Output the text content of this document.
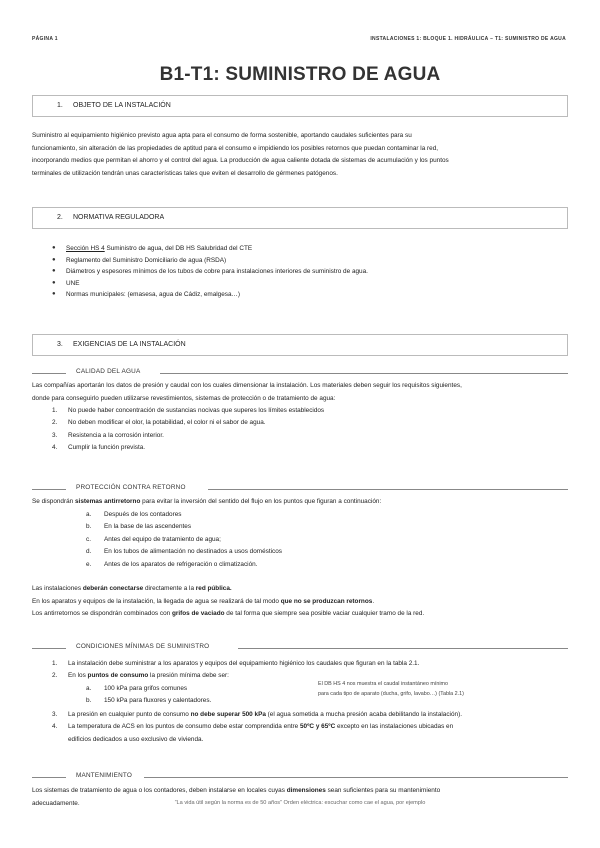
PÁGINA 1	INSTALACIONES 1: BLOQUE 1. HIDRÁULICA – T1: SUMINISTRO DE AGUA
B1-T1: SUMINISTRO DE AGUA
1. OBJETO DE LA INSTALACIÓN
Suministro al equipamiento higiénico previsto agua apta para el consumo de forma sostenible, aportando caudales suficientes para su
funcionamiento, sin alteración de las propiedades de aptitud para el consumo e impidiendo los posibles retornos que puedan contaminar la red,
incorporando medios que permitan el ahorro y el control del agua. La producción de agua caliente dotada de sistemas de acumulación y los puntos
terminales de utilización tendrán unas características tales que eviten el desarrollo de gérmenes patógenos.
2. NORMATIVA REGULADORA
● Sección HS 4 Suministro de agua, del DB HS Salubridad del CTE
● Reglamento del Suministro Domiciliario de agua (RSDA)
● Diámetros y espesores mínimos de los tubos de cobre para instalaciones interiores de suministro de agua.
● UNE
● Normas municipales: (emasesa, agua de Cádiz, emalgesa…)
3. EXIGENCIAS DE LA INSTALACIÓN
CALIDAD DEL AGUA
Las compañías aportarán los datos de presión y caudal con los cuales dimensionar la instalación. Los materiales deben seguir los requisitos siguientes,
donde para conseguirlo pueden utilizarse revestimientos, sistemas de protección o de tratamiento de agua:
1. No puede haber concentración de sustancias nocivas que superes los límites establecidos
2. No deben modificar el olor, la potabilidad, el color ni el sabor de agua.
3. Resistencia a la corrosión interior.
4. Cumplir la función prevista.
PROTECCIÓN CONTRA RETORNO
Se dispondrán sistemas antirretorno para evitar la inversión del sentido del flujo en los puntos que figuran a continuación:
a. Después de los contadores
b. En la base de las ascendentes
c. Antes del equipo de tratamiento de agua;
d. En los tubos de alimentación no destinados a usos domésticos
e. Antes de los aparatos de refrigeración o climatización.
Las instalaciones deberán conectarse directamente a la red pública.
En los aparatos y equipos de la instalación, la llegada de agua se realizará de tal modo que no se produzcan retornos.
Los antirretornos se dispondrán combinados con grifos de vaciado de tal forma que siempre sea posible vaciar cualquier tramo de la red.
CONDICIONES MÍNIMAS DE SUMINISTRO
1. La instalación debe suministrar a los aparatos y equipos del equipamiento higiénico los caudales que figuran en la tabla 2.1.
2. En los puntos de consumo la presión mínima debe ser:
a. 100 kPa para grifos comunes
b. 150 kPa para fluxores y calentadores.
El DB HS 4 nos muestra el caudal instantáneo mínimo
para cada tipo de aparato (ducha, grifo, lavabo…) (Tabla 2.1)
3. La presión en cualquier punto de consumo no debe superar 500 kPa (el agua sometida a mucha presión acaba debilitando la instalación).
4. La temperatura de ACS en los puntos de consumo debe estar comprendida entre 50ºC y 65ºC excepto en las instalaciones ubicadas en
edificios dedicados a uso exclusivo de vivienda.
MANTENIMIENTO
Los sistemas de tratamiento de agua o los contadores, deben instalarse en locales cuyas dimensiones sean suficientes para su mantenimiento
adecuadamente.	“La vida útil según la norma es de 50 años” Orden eléctrica: escuchar como cae el agua, por ejemplo
